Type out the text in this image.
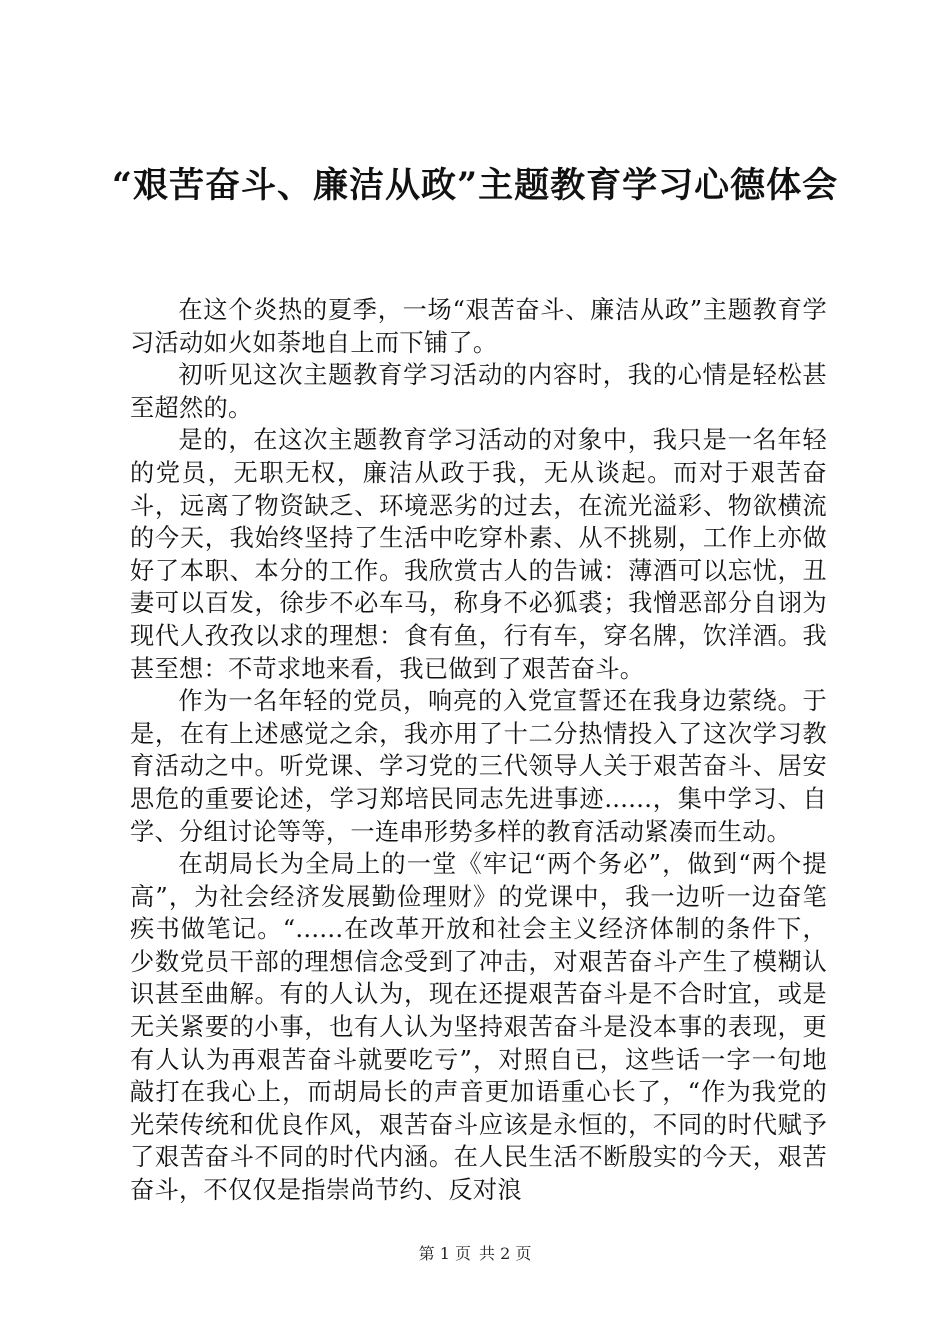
“艰苦奋斗、廉洁从政”主题教育学习心德体会

在这个炎热的夏季，一场“艰苦奋斗、廉洁从政”主题教育学习活动如火如荼地自上而下铺了。

初听见这次主题教育学习活动的内容时，我的心情是轻松甚至超然的。

是的，在这次主题教育学习活动的对象中，我只是一名年轻的党员，无职无权，廉洁从政于我，无从谈起。而对于艰苦奋斗，远离了物资缺乏、环境恶劣的过去，在流光溢彩、物欲横流的今天，我始终坚持了生活中吃穿朴素、从不挑剔，工作上亦做好了本职、本分的工作。我欣赏古人的告诫：薄酒可以忘忧，丑妻可以百发，徐步不必车马，称身不必狐裘；我憎恶部分自诩为现代人孜孜以求的理想：食有鱼，行有车，穿名牌，饮洋酒。我甚至想：不苛求地来看，我已做到了艰苦奋斗。

作为一名年轻的党员，响亮的入党宣誓还在我身边萦绕。于是，在有上述感觉之余，我亦用了十二分热情投入了这次学习教育活动之中。听党课、学习党的三代领导人关于艰苦奋斗、居安思危的重要论述，学习郑培民同志先进事迹......，集中学习、自学、分组讨论等等，一连串形势多样的教育活动紧凑而生动。

在胡局长为全局上的一堂《牢记“两个务必”，做到“两个提高”，为社会经济发展勤俭理财》的党课中，我一边听一边奋笔疾书做笔记。“......在改革开放和社会主义经济体制的条件下，少数党员干部的理想信念受到了冲击，对艰苦奋斗产生了模糊认识甚至曲解。有的人认为，现在还提艰苦奋斗是不合时宜，或是无关紧要的小事，也有人认为坚持艰苦奋斗是没本事的表现，更有人认为再艰苦奋斗就要吃亏”，对照自已，这些话一字一句地敲打在我心上，而胡局长的声音更加语重心长了，“作为我党的光荣传统和优良作风，艰苦奋斗应该是永恒的，不同的时代赋予了艰苦奋斗不同的时代内涵。在人民生活不断殷实的今天，艰苦奋斗，不仅仅是指崇尚节约、反对浪

第 1 页 共 2 页
